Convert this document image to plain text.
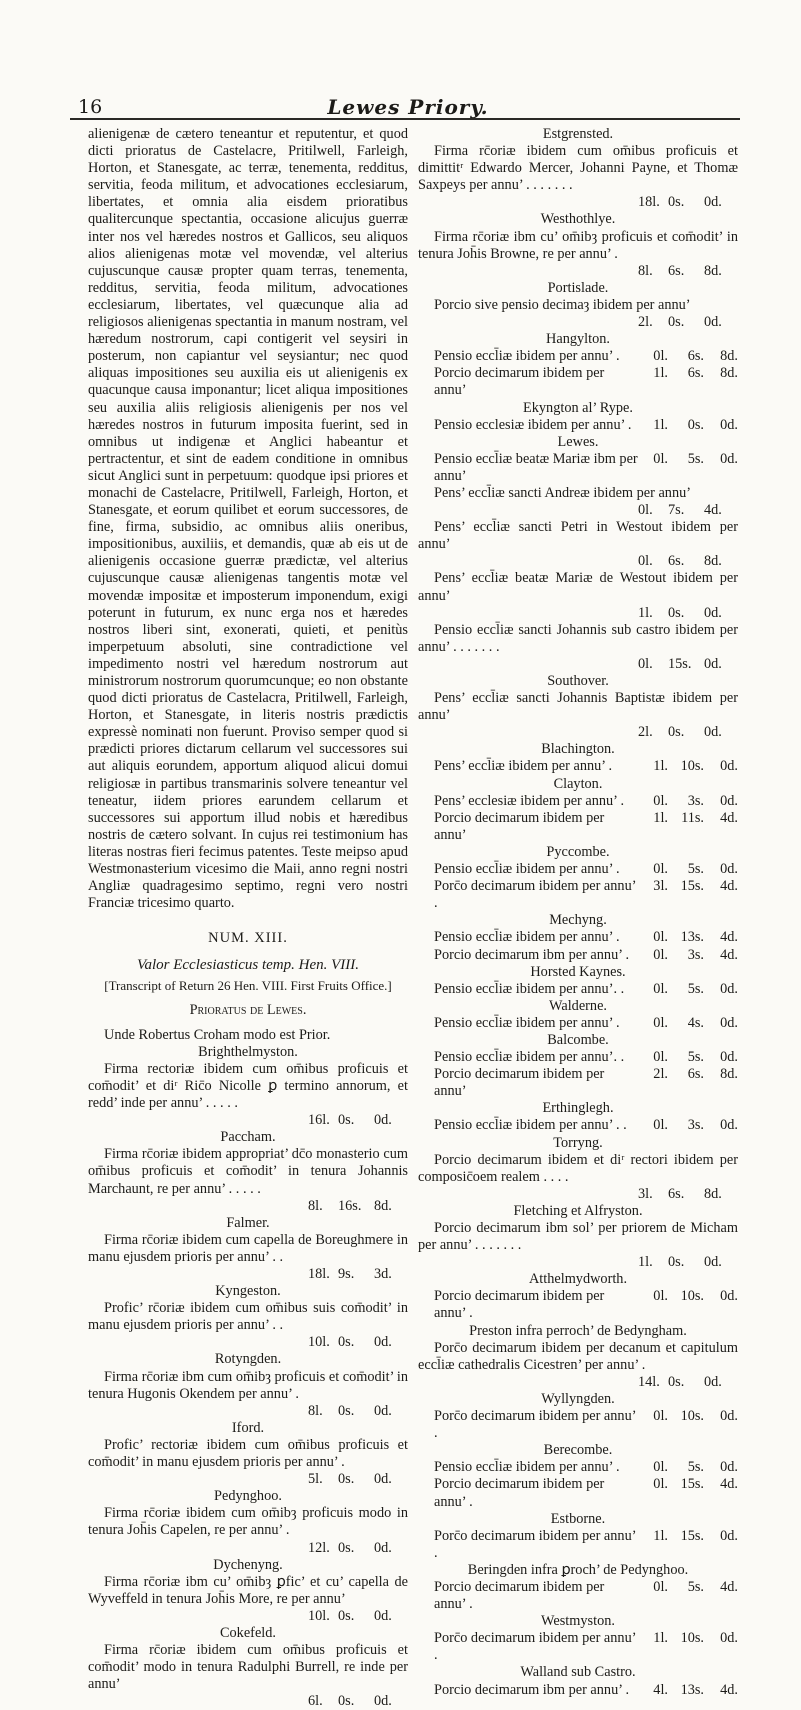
16	Lewes Priory.

alienigenæ de cætero teneantur et reputentur, et quod dicti prioratus de Castelacre, Pritilwell, Farleigh, Horton, et Stanesgate, ac terræ, tenementa, redditus, servitia, feoda militum, et advocationes ecclesiarum, libertates, et omnia alia eisdem prioratibus qualitercunque spectantia, occasione alicujus guerræ inter nos vel hæredes nostros et Gallicos, seu aliquos alios alienigenas motæ vel movendæ, vel alterius cujuscunque causæ propter quam terras, tenementa, redditus, servitia, feoda militum, advocationes ecclesiarum, libertates, vel quæcunque alia ad religiosos alienigenas spectantia in manum nostram, vel hæredum nostrorum, capi contigerit vel seysiri in posterum, non capiantur vel seysiantur; nec quod aliquas impositiones seu auxilia eis ut alienigenis ex quacunque causa imponantur; licet aliqua impositiones seu auxilia aliis religiosis alienigenis per nos vel hæredes nostros in futurum imposita fuerint, sed in omnibus ut indigenæ et Anglici habeantur et pertractentur, et sint de eadem conditione in omnibus sicut Anglici sunt in perpetuum: quodque ipsi priores et monachi de Castelacre, Pritilwell, Farleigh, Horton, et Stanesgate, et eorum quilibet et eorum successores, de fine, firma, subsidio, ac omnibus aliis oneribus, impositionibus, auxiliis, et demandis, quæ ab eis ut de alienigenis occasione guerræ prædictæ, vel alterius cujuscunque causæ alienigenas tangentis motæ vel movendæ impositæ et imposterum imponendum, exigi poterunt in futurum, ex nunc erga nos et hæredes nostros liberi sint, exonerati, quieti, et penitùs imperpetuum absoluti, sine contradictione vel impedimento nostri vel hæredum nostrorum aut ministrorum nostrorum quorumcunque; eo non obstante quod dicti prioratus de Castelacra, Pritilwell, Farleigh, Horton, et Stanesgate, in literis nostris prædictis expressè nominati non fuerunt. Proviso semper quod si prædicti priores dictarum cellarum vel successores sui aut aliquis eorundem, apportum aliquod alicui domui religiosæ in partibus transmarinis solvere teneantur vel teneatur, iidem priores earundem cellarum et successores sui apportum illud nobis et hæredibus nostris de cætero solvant. In cujus rei testimonium has literas nostras fieri fecimus patentes. Teste meipso apud Westmonasterium vicesimo die Maii, anno regni nostri Angliæ quadragesimo septimo, regni vero nostri Franciæ tricesimo quarto.

NUM. XIII.

Valor Ecclesiasticus temp. Hen. VIII.

[Transcript of Return 26 Hen. VIII. First Fruits Office.]

Prioratus de Lewes.

Unde Robertus Croham modo est Prior.

Brighthelmyston.

Firma rectoriæ ibidem cum om̄ibus proficuis et com̄odit’ et diʳ Ric̄o Nicolle ꝑ termino annorum, et redd’ inde per annu’ . . . . .

16l. 0s.	0d.
Paccham.

Firma rc̄oriæ ibidem appropriat’ dc̄o monasterio cum om̄ibus proficuis et com̄odit’ in tenura Johannis Marchaunt, re per annu’ . . . . .

8l.	16s. 8d.
Falmer.

Firma rc̄oriæ ibidem cum capella de Boreughmere in manu ejusdem prioris per annu’ . .

18l. 9s.	3d.
Kyngeston.

Profic’ rc̄oriæ ibidem cum om̄ibus suis com̄odit’ in manu ejusdem prioris per annu’ . .

10l. 0s.	0d.
Rotyngden.

Firma rc̄oriæ ibm cum om̄ibȝ proficuis et com̄odit’ in tenura Hugonis Okendem per annu’ .

8l.	0s.	0d.
Iford.

Profic’ rectoriæ ibidem cum om̄ibus proficuis et com̄odit’ in manu ejusdem prioris per annu’ .

5l.	0s.	0d.
Pedynghoo.

Firma rc̄oriæ ibidem cum om̄ibȝ proficuis modo in tenura Joh̄is Capelen, re per annu’ .

12l. 0s.	0d.
Dychenyng.

Firma rc̄oriæ ibm cu’ om̄ibȝ ꝑfic’ et cu’ capella de Wyveffeld in tenura Joh̄is More, re per annu’

10l. 0s.	0d.
Cokefeld.

Firma rc̄oriæ ibidem cum om̄ibus proficuis et com̄odit’ modo in tenura Radulphi Burrell, re inde per annu’

6l.	0s.	0d.
Estgrensted.

Firma rc̄oriæ ibidem cum om̄ibus proficuis et dimittitʳ Edwardo Mercer, Johanni Payne, et Thomæ Saxpeys per annu’ . . . . . . .

18l. 0s.	0d.
Westhothlye.

Firma rc̄oriæ ibm cu’ om̄ibȝ proficuis et com̄odit’ in tenura Joh̄is Browne, re per annu’ .

8l.	6s.	8d.
Portislade.

Porcio sive pensio decimaȝ ibidem per annu’

2l.	0s.	0d.
Hangylton.
Pensio eccl̄iæ ibidem per annu’ .	0l.	6s.	8d.
Porcio decimarum ibidem per annu’
1l.	6s.	8d.
Ekyngton al’ Rype.
Pensio ecclesiæ ibidem per annu’ .	1l.	0s.	0d.
Lewes.
Pensio eccl̄iæ beatæ Mariæ ibm per annu’
0l.	5s.	0d.

Pens’ eccl̄iæ sancti Andreæ ibidem per annu’

0l.	7s.	4d.

Pens’ eccl̄iæ sancti Petri in Westout ibidem per annu’

0l.	6s.	8d.

Pens’ eccl̄iæ beatæ Mariæ de Westout ibidem per annu’

1l.	0s.	0d.

Pensio eccl̄iæ sancti Johannis sub castro ibidem per annu’ . . . . . . .

0l.	15s. 0d.
Southover.

Pens’ eccl̄iæ sancti Johannis Baptistæ ibidem per annu’

2l.	0s.	0d.
Blachington.
Pens’ eccl̄iæ ibidem per annu’ .	1l. 10s.	0d.
Clayton.
Pens’ ecclesiæ ibidem per annu’ .	0l.	3s.	0d.
Porcio decimarum ibidem per annu’
1l. 11s.	4d.
Pyccombe.
Pensio eccl̄iæ ibidem per annu’ .	0l.	5s.	0d.
Porc̄o decimarum ibidem per annu’ .
3l. 15s.	4d.
Mechyng.
Pensio eccl̄iæ ibidem per annu’ .	0l. 13s.	4d.
Porcio decimarum ibm per annu’ .	0l.	3s.	4d.
Horsted Kaynes.
Pensio eccl̄iæ ibidem per annu’. .	0l.	5s.	0d.
Walderne.
Pensio eccl̄iæ ibidem per annu’ .	0l.	4s.	0d.
Balcombe.
Pensio eccl̄iæ ibidem per annu’. .	0l.	5s.	0d.
Porcio decimarum ibidem per annu’
2l.	6s.	8d.
Erthinglegh.
Pensio eccl̄iæ ibidem per annu’ . .	0l.	3s.	0d.
Torryng.

Porcio decimarum ibidem et diʳ rectori ibidem per composic̄oem realem . . . .

3l.	6s.	8d.
Fletching et Alfryston.

Porcio decimarum ibm sol’ per priorem de Micham per annu’ . . . . . . .

1l.	0s.	0d.
Atthelmydworth.
Porcio decimarum ibidem per annu’ .
0l. 10s.	0d.
Preston infra perroch’ de Bedyngham.

Porc̄o decimarum ibidem per decanum et capitulum eccl̄iæ cathedralis Cicestren’ per annu’ .

14l. 0s.	0d.
Wyllyngden.
Porc̄o decimarum ibidem per annu’ .
0l. 10s.	0d.
Berecombe.
Pensio eccl̄iæ ibidem per annu’ .	0l.	5s.	0d.
Porcio decimarum ibidem per annu’ .
0l. 15s.	4d.
Estborne.
Porc̄o decimarum ibidem per annu’ .
1l. 15s.	0d.
Beringden infra ꝑroch’ de Pedynghoo.
Porcio decimarum ibidem per annu’ .
0l.	5s.	4d.
Westmyston.
Porc̄o decimarum ibidem per annu’ .
1l. 10s.	0d.
Walland sub Castro.
Porcio decimarum ibm per annu’ .	4l. 13s.	4d.
